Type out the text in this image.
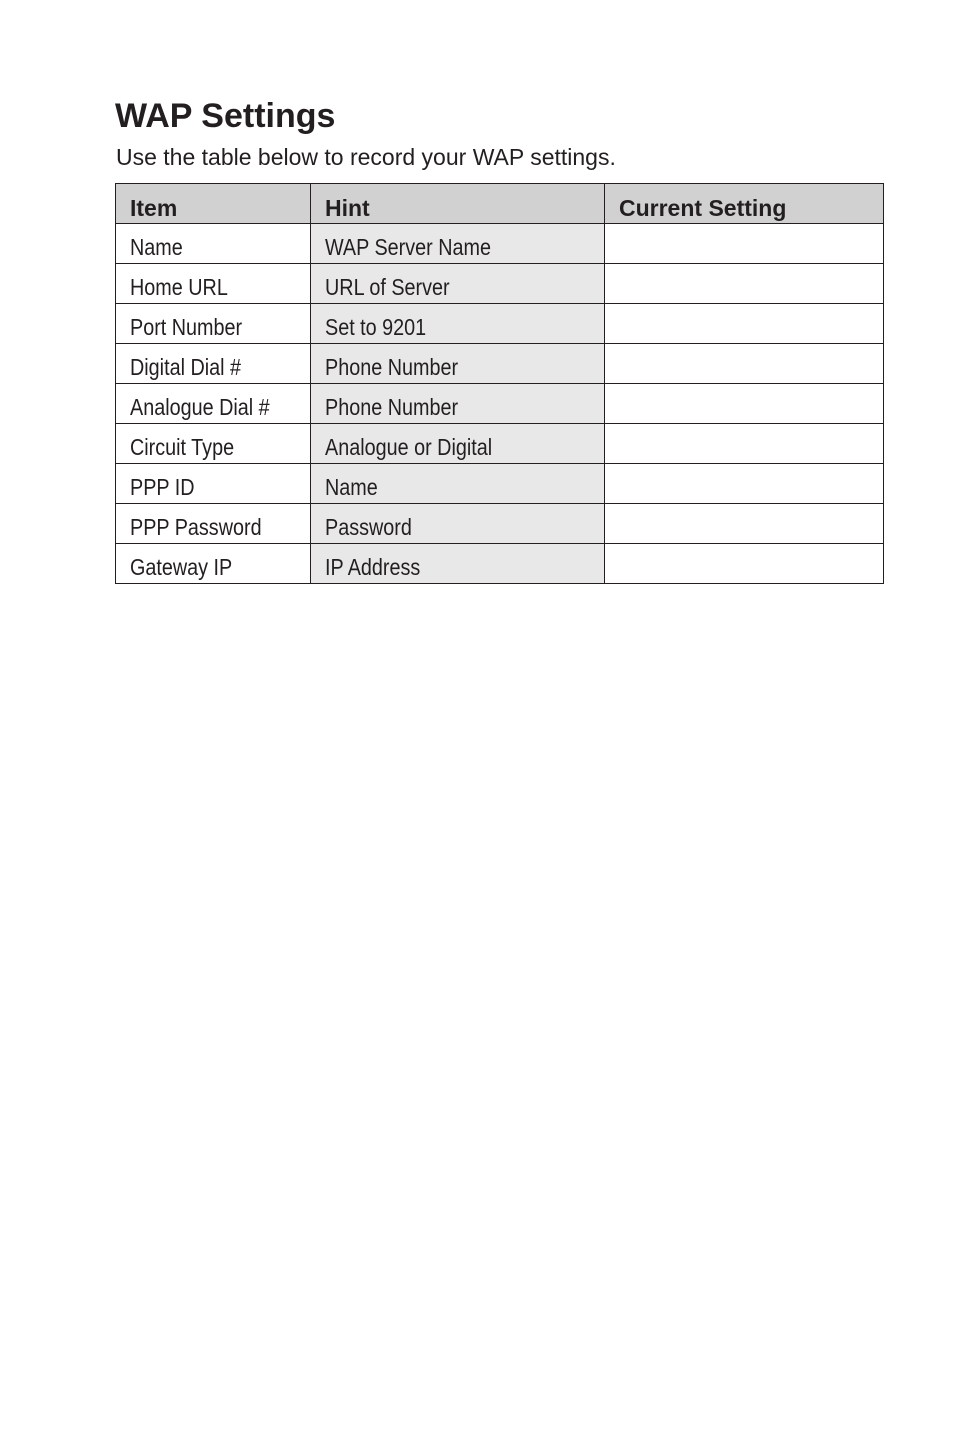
WAP Settings

Use the table below to record your WAP settings.

Item	Hint	Current Setting
Name	WAP Server Name	
Home URL	URL of Server	
Port Number	Set to 9201	
Digital Dial #	Phone Number	
Analogue Dial #	Phone Number	
Circuit Type	Analogue or Digital	
PPP ID	Name	
PPP Password	Password	
Gateway IP	IP Address	
